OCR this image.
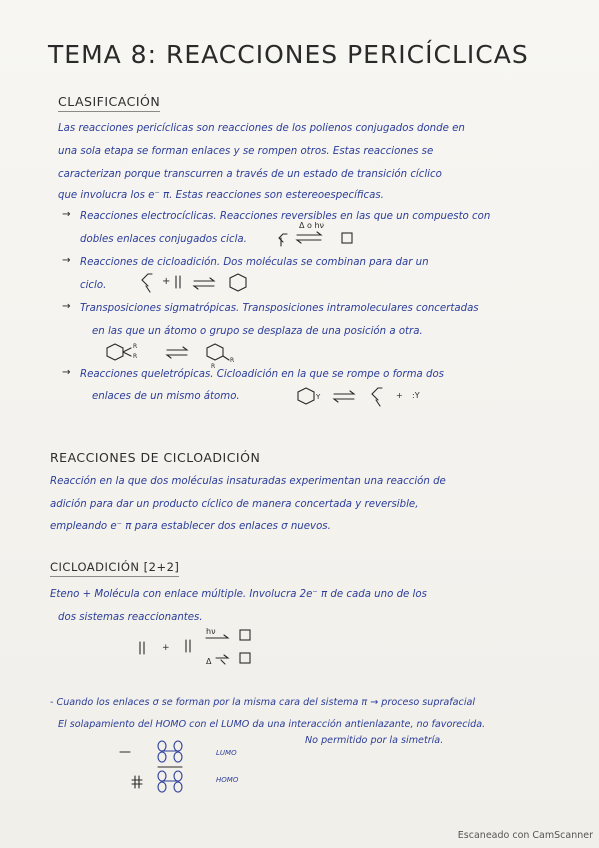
TEMA 8: REACCIONES PERICÍCLICAS
CLASIFICACIÓN
Las reacciones pericíclicas son reacciones de los polienos conjugados donde en
una sola etapa se forman enlaces y se rompen otros. Estas reacciones se
caracterizan porque transcurren a través de un estado de transición cíclico
que involucra los e⁻ π. Estas reacciones son estereoespecíficas.
→ Reacciones electrocíclicas. Reacciones reversibles en las que un compuesto con
dobles enlaces conjugados cicla.
Δ o hν
→ Reacciones de cicloadición. Dos moléculas se combinan para dar un
ciclo.	+
→ Transposiciones sigmatrópicas. Transposiciones intramoleculares concertadas
en las que un átomo o grupo se desplaza de una posición a otra.
R
R
R
R
→ Reacciones queletrópicas. Cicloadición en la que se rompe o forma dos
enlaces de un mismo átomo.	Y	+ :Y
REACCIONES DE CICLOADICIÓN
Reacción en la que dos moléculas insaturadas experimentan una reacción de
adición para dar un producto cíclico de manera concertada y reversible,
empleando e⁻ π para establecer dos enlaces σ nuevos.
CICLOADICIÓN [2+2]
Eteno + Molécula con enlace múltiple. Involucra 2e⁻ π de cada uno de los
dos sistemas reaccionantes.
+
hν
Δ
- Cuando los enlaces σ se forman por la misma cara del sistema π → proceso suprafacial
El solapamiento del HOMO con el LUMO da una interacción antienlazante, no favorecida.
No permitido por la simetría.
LUMO
HOMO
Escaneado con CamScanner
